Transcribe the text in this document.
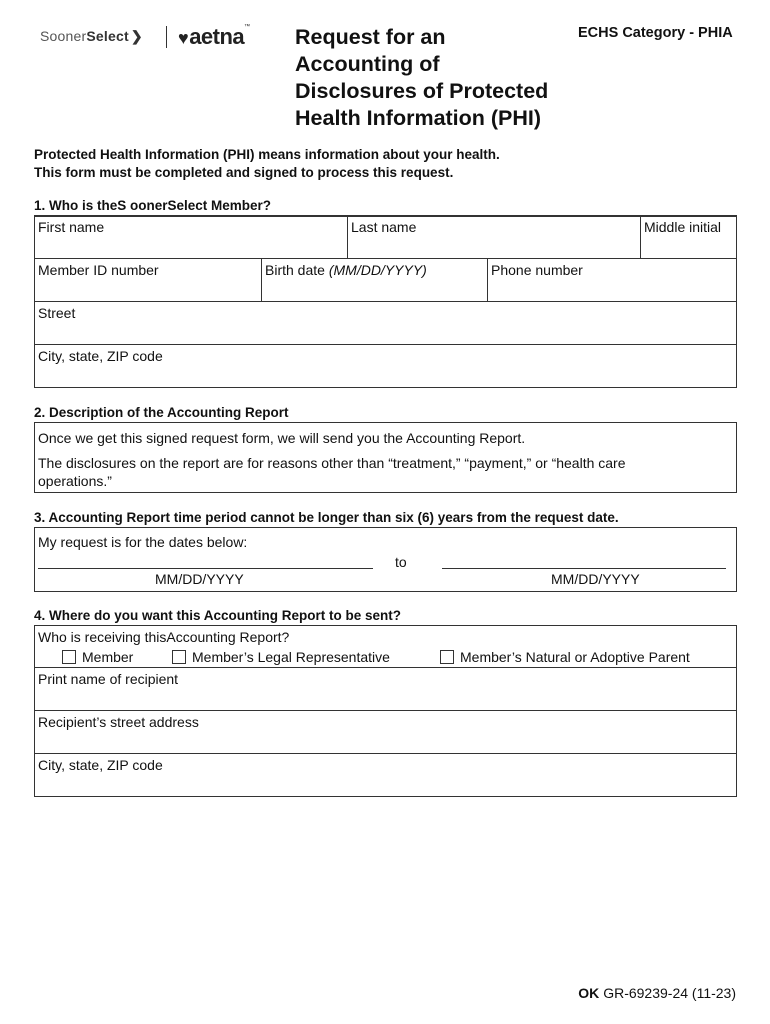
SoonerSelect ❯ ♥aetna™ Request for an
Accounting of
Disclosures of Protected
Health Information (PHI)
ECHS Category - PHIA
Protected Health Information (PHI) means information about your health.
This form must be completed and signed to process this request.
1. Who is theS oonerSelect Member?
First name	Last name	Middle initial
Member ID number	Birth date (MM/DD/YYYY)	Phone number
Street
City, state, ZIP code
2. Description of the Accounting Report
Once we get this signed request form, we will send you the Accounting Report.
The disclosures on the report are for reasons other than “treatment,” “payment,” or “health care
operations.”
3. Accounting Report time period cannot be longer than six (6) years from the request date.
My request is for the dates below:
to
MM/DD/YYYY	MM/DD/YYYY
4. Where do you want this Accounting Report to be sent?
Who is receiving thisAccounting Report?
Member	Member’s Legal Representative	Member’s Natural or Adoptive Parent
Print name of recipient
Recipient’s street address
City, state, ZIP code
OK GR-69239-24 (11-23)
